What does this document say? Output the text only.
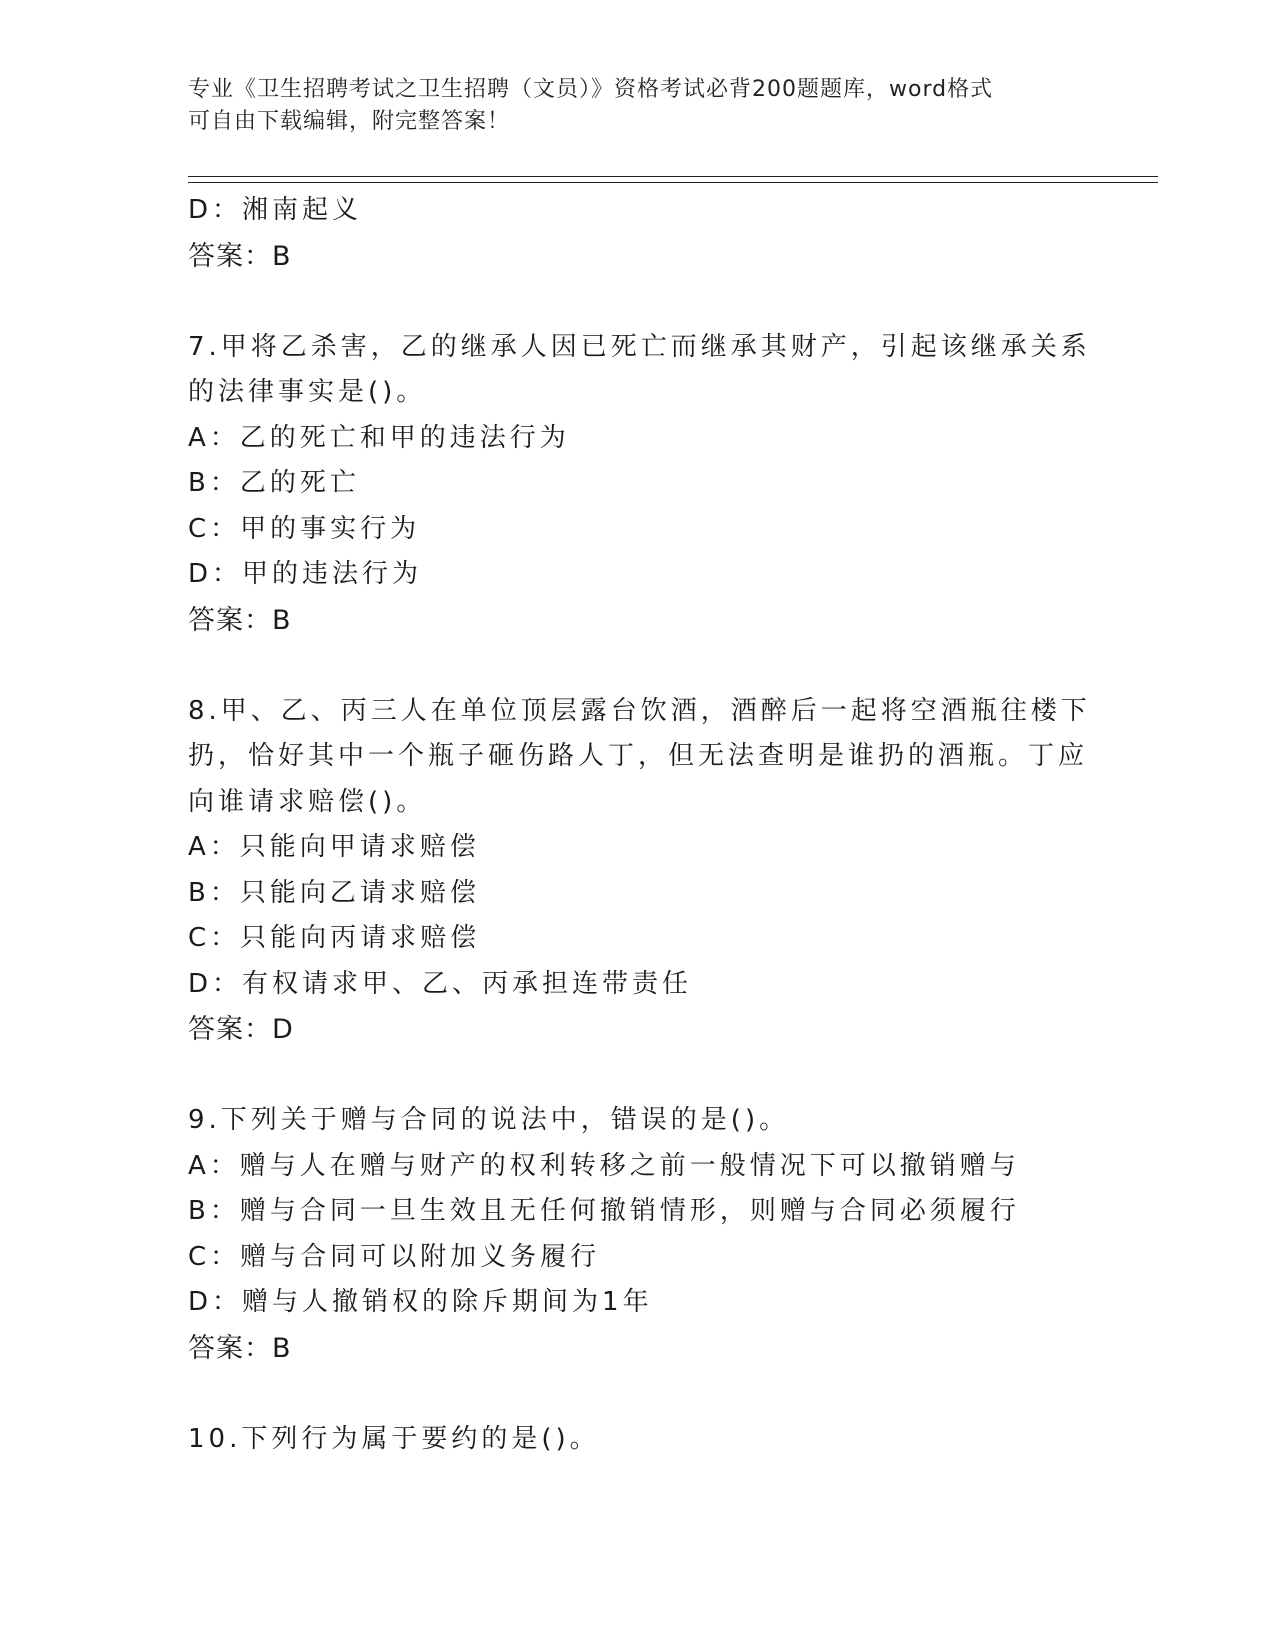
专业《卫生招聘考试之卫生招聘（文员）》资格考试必背200题题库，word格式
可自由下载编辑，附完整答案！
D：湘南起义
答案：B
7.甲将乙杀害，乙的继承人因已死亡而继承其财产，引起该继承关系
的法律事实是()。
A：乙的死亡和甲的违法行为
B：乙的死亡
C：甲的事实行为
D：甲的违法行为
答案：B
8.甲、乙、丙三人在单位顶层露台饮酒，酒醉后一起将空酒瓶往楼下
扔，恰好其中一个瓶子砸伤路人丁，但无法查明是谁扔的酒瓶。丁应
向谁请求赔偿()。
A：只能向甲请求赔偿
B：只能向乙请求赔偿
C：只能向丙请求赔偿
D：有权请求甲、乙、丙承担连带责任
答案：D
9.下列关于赠与合同的说法中，错误的是()。
A：赠与人在赠与财产的权利转移之前一般情况下可以撤销赠与
B：赠与合同一旦生效且无任何撤销情形，则赠与合同必须履行
C：赠与合同可以附加义务履行
D：赠与人撤销权的除斥期间为1年
答案：B
10.下列行为属于要约的是()。
